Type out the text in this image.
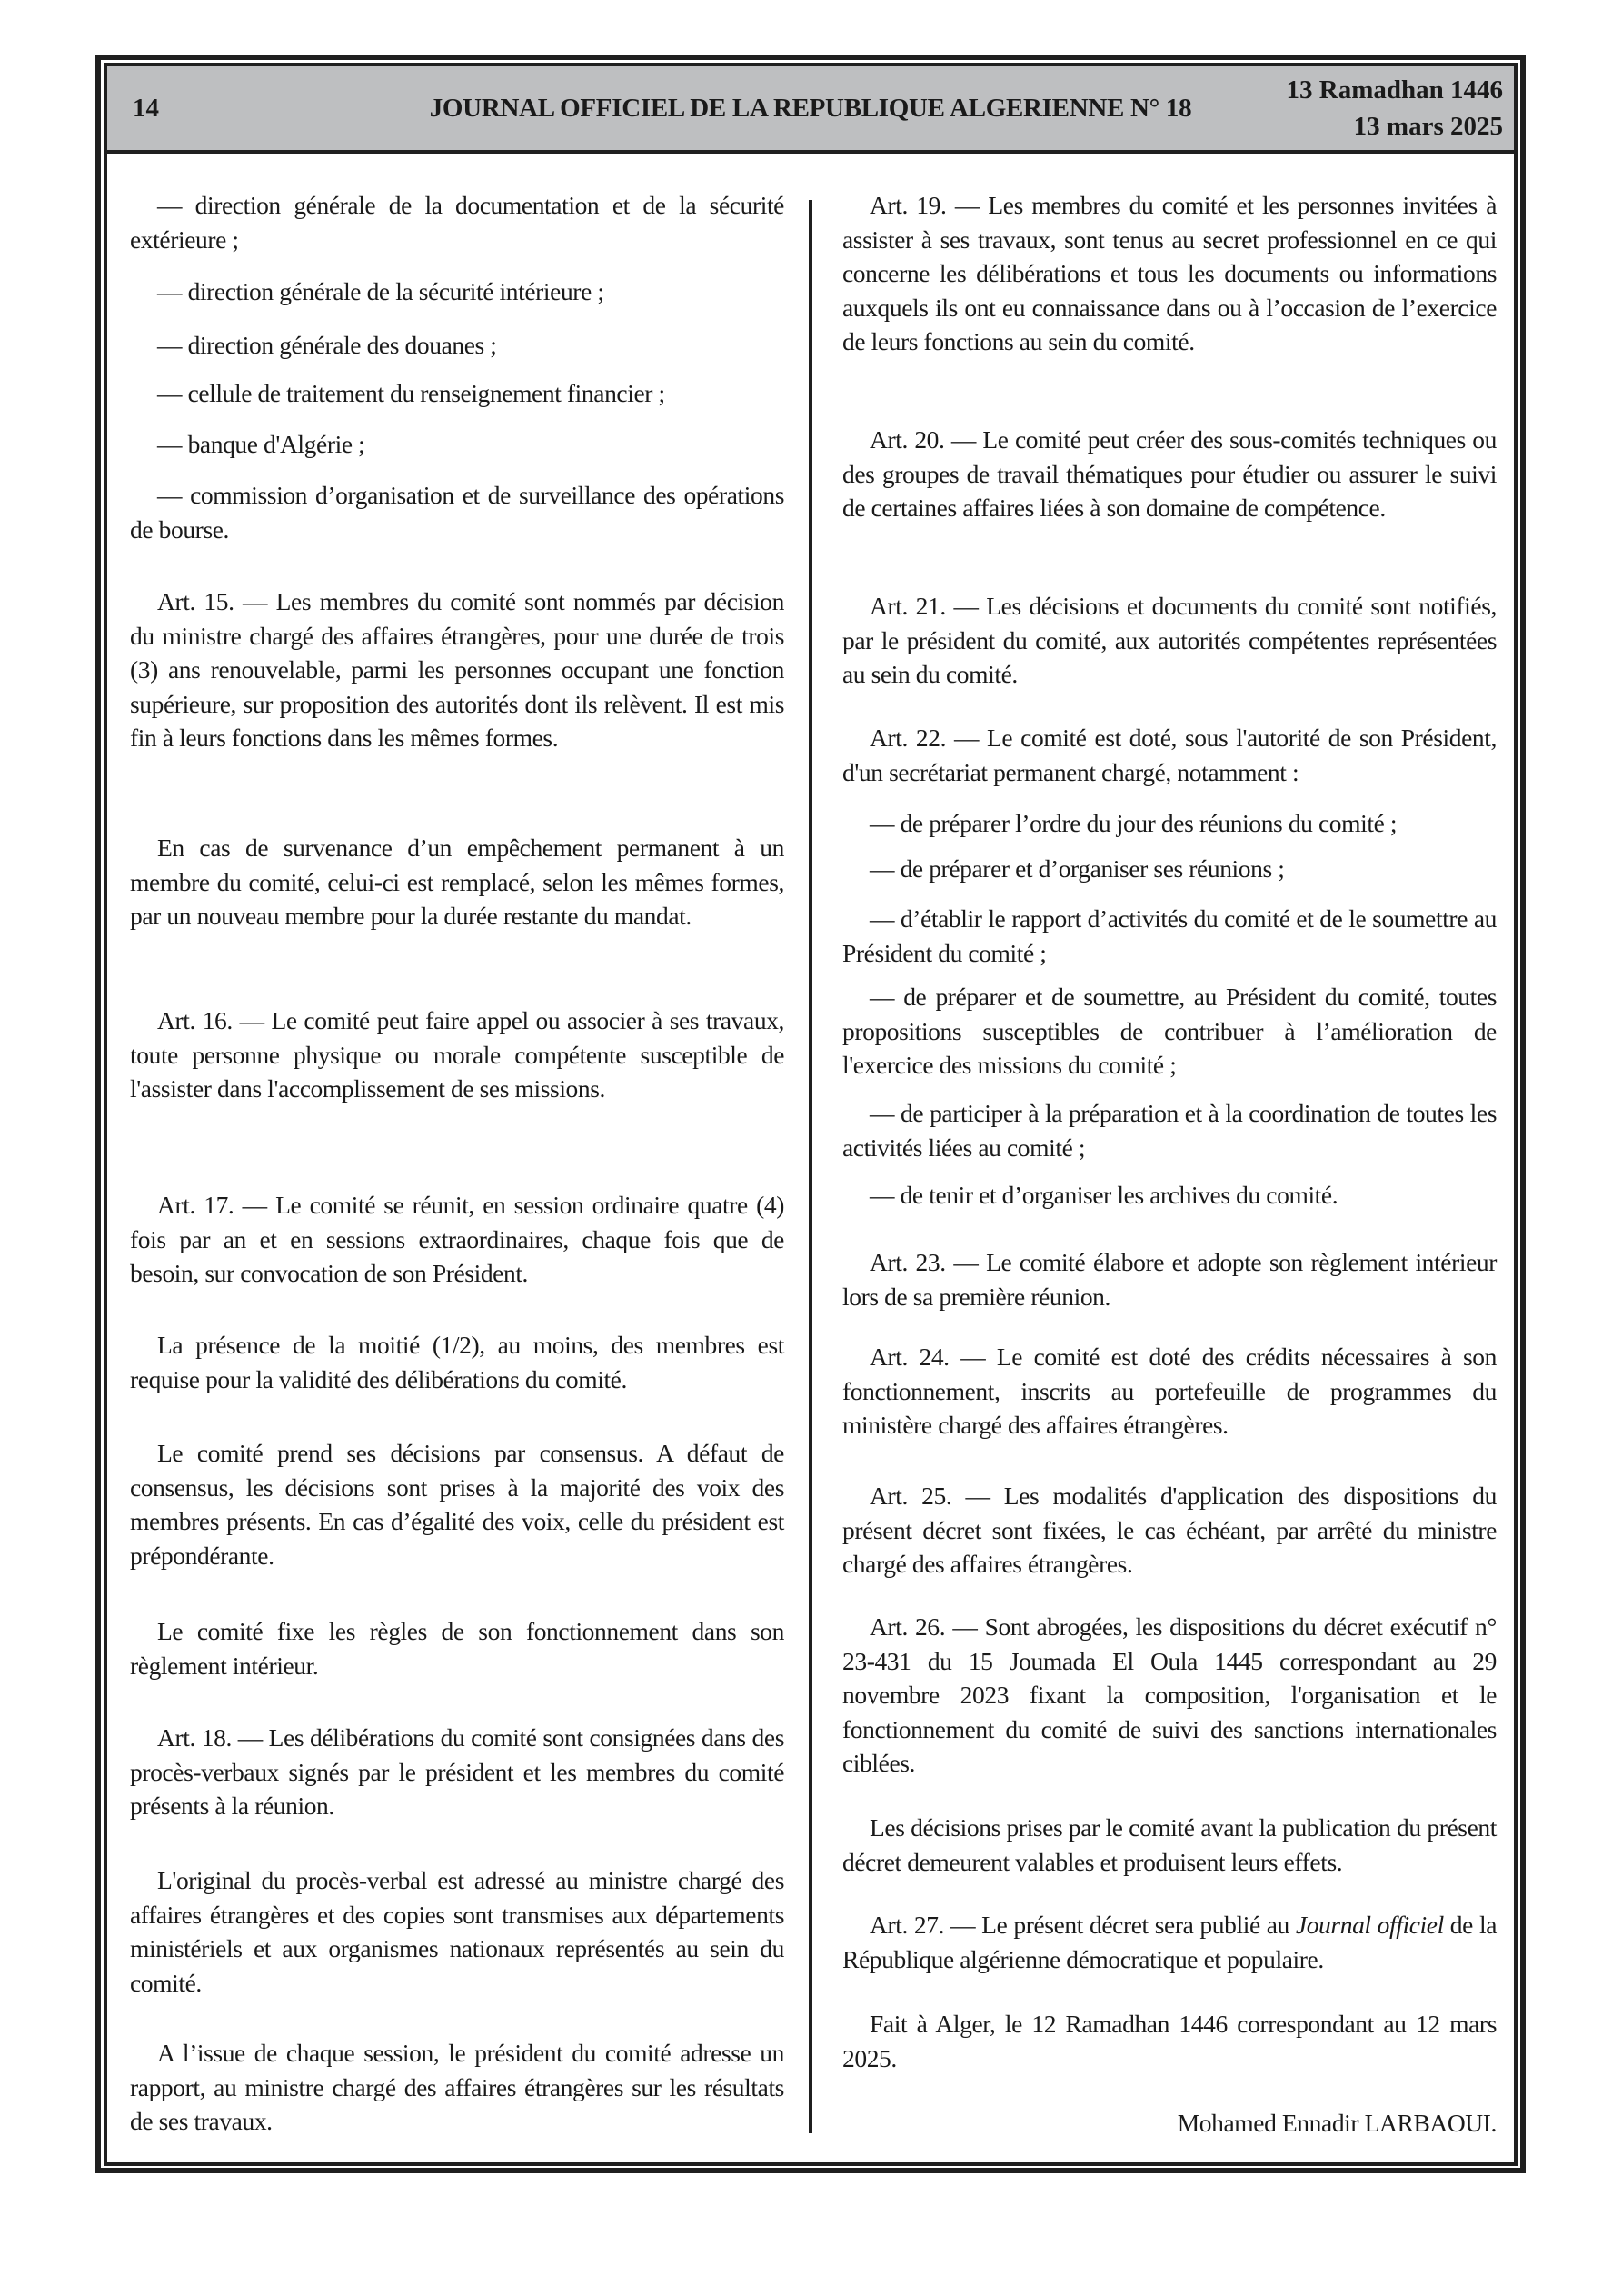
14	JOURNAL OFFICIEL DE LA REPUBLIQUE ALGERIENNE N° 18
13 Ramadhan 1446
13 mars 2025

— direction générale de la documentation et de la sécurité extérieure ;

— direction générale de la sécurité intérieure ;

— direction générale des douanes ;

— cellule de traitement du renseignement financier ;

— banque d'Algérie ;

— commission d’organisation et de surveillance des opérations de bourse.

Art. 15. — Les membres du comité sont nommés par décision du ministre chargé des affaires étrangères, pour une durée de trois (3) ans renouvelable, parmi les personnes occupant une fonction supérieure, sur proposition des autorités dont ils relèvent. Il est mis fin à leurs fonctions dans les mêmes formes.

En cas de survenance d’un empêchement permanent à un membre du comité, celui-ci est remplacé, selon les mêmes formes, par un nouveau membre pour la durée restante du mandat.

Art. 16. — Le comité peut faire appel ou associer à ses travaux, toute personne physique ou morale compétente susceptible de l'assister dans l'accomplissement de ses missions.

Art. 17. — Le comité se réunit, en session ordinaire quatre (4) fois par an et en sessions extraordinaires, chaque fois que de besoin, sur convocation de son Président.

La présence de la moitié (1/2), au moins, des membres est requise pour la validité des délibérations du comité.

Le comité prend ses décisions par consensus. A défaut de consensus, les décisions sont prises à la majorité des voix des membres présents. En cas d’égalité des voix, celle du président est prépondérante.

Le comité fixe les règles de son fonctionnement dans son règlement intérieur.

Art. 18. — Les délibérations du comité sont consignées dans des procès-verbaux signés par le président et les membres du comité présents à la réunion.

L'original du procès-verbal est adressé au ministre chargé des affaires étrangères et des copies sont transmises aux départements ministériels et aux organismes nationaux représentés au sein du comité.

A l’issue de chaque session, le président du comité adresse un rapport, au ministre chargé des affaires étrangères sur les résultats de ses travaux.	Mohamed Ennadir LARBAOUI.

Art. 19. — Les membres du comité et les personnes invitées à assister à ses travaux, sont tenus au secret professionnel en ce qui concerne les délibérations et tous les documents ou informations auxquels ils ont eu connaissance dans ou à l’occasion de l’exercice de leurs fonctions au sein du comité.

Art. 20. — Le comité peut créer des sous-comités techniques ou des groupes de travail thématiques pour étudier ou assurer le suivi de certaines affaires liées à son domaine de compétence.

Art. 21. — Les décisions et documents du comité sont notifiés, par le président du comité, aux autorités compétentes représentées au sein du comité.

Art. 22. — Le comité est doté, sous l'autorité de son Président, d'un secrétariat permanent chargé, notamment :

— de préparer l’ordre du jour des réunions du comité ;

— de préparer et d’organiser ses réunions ;

— d’établir le rapport d’activités du comité et de le soumettre au Président du comité ;

— de préparer et de soumettre, au Président du comité, toutes propositions susceptibles de contribuer à l’amélioration de l'exercice des missions du comité ;

— de participer à la préparation et à la coordination de toutes les activités liées au comité ;

— de tenir et d’organiser les archives du comité.

Art. 23. — Le comité élabore et adopte son règlement intérieur lors de sa première réunion.

Art. 24. — Le comité est doté des crédits nécessaires à son fonctionnement, inscrits au portefeuille de programmes du ministère chargé des affaires étrangères.

Art. 25. — Les modalités d'application des dispositions du présent décret sont fixées, le cas échéant, par arrêté du ministre chargé des affaires étrangères.

Art. 26. — Sont abrogées, les dispositions du décret exécutif n° 23-431 du 15 Joumada El Oula 1445 correspondant au 29 novembre 2023 fixant la composition, l'organisation et le fonctionnement du comité de suivi des sanctions internationales ciblées.

Les décisions prises par le comité avant la publication du présent décret demeurent valables et produisent leurs effets.

Art. 27. — Le présent décret sera publié au Journal officiel de la République algérienne démocratique et populaire.

Fait à Alger, le 12 Ramadhan 1446 correspondant au 12 mars 2025.
